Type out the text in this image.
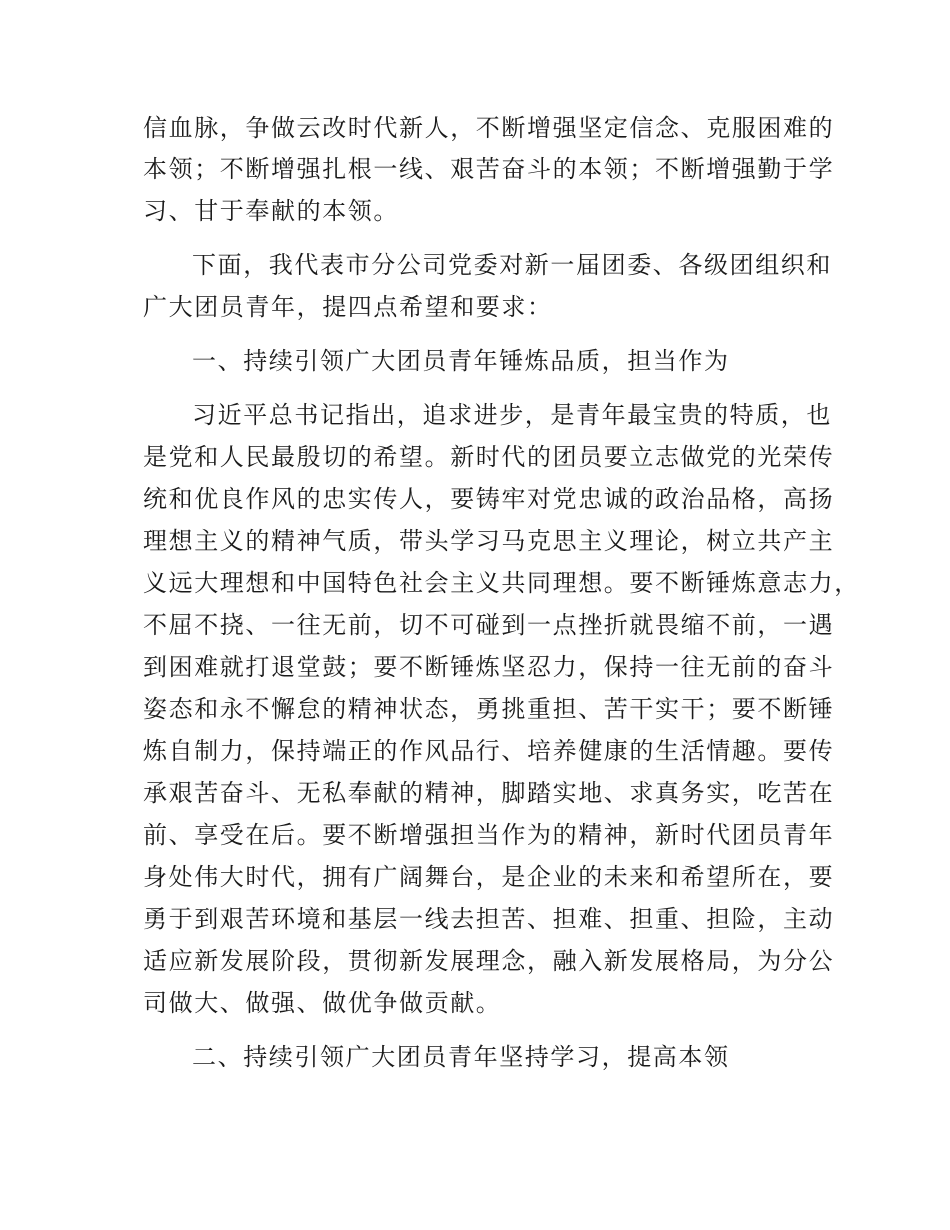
信血脉，争做云改时代新人，不断增强坚定信念、克服困难的
本领；不断增强扎根一线、艰苦奋斗的本领；不断增强勤于学
习、甘于奉献的本领。
下面，我代表市分公司党委对新一届团委、各级团组织和
广大团员青年，提四点希望和要求：
一、持续引领广大团员青年锤炼品质，担当作为
习近平总书记指出，追求进步，是青年最宝贵的特质，也
是党和人民最殷切的希望。新时代的团员要立志做党的光荣传
统和优良作风的忠实传人，要铸牢对党忠诚的政治品格，高扬
理想主义的精神气质，带头学习马克思主义理论，树立共产主
义远大理想和中国特色社会主义共同理想。要不断锤炼意志力，
不屈不挠、一往无前，切不可碰到一点挫折就畏缩不前，一遇
到困难就打退堂鼓；要不断锤炼坚忍力，保持一往无前的奋斗
姿态和永不懈怠的精神状态，勇挑重担、苦干实干；要不断锤
炼自制力，保持端正的作风品行、培养健康的生活情趣。要传
承艰苦奋斗、无私奉献的精神，脚踏实地、求真务实，吃苦在
前、享受在后。要不断增强担当作为的精神，新时代团员青年
身处伟大时代，拥有广阔舞台，是企业的未来和希望所在，要
勇于到艰苦环境和基层一线去担苦、担难、担重、担险，主动
适应新发展阶段，贯彻新发展理念，融入新发展格局，为分公
司做大、做强、做优争做贡献。
二、持续引领广大团员青年坚持学习，提高本领
